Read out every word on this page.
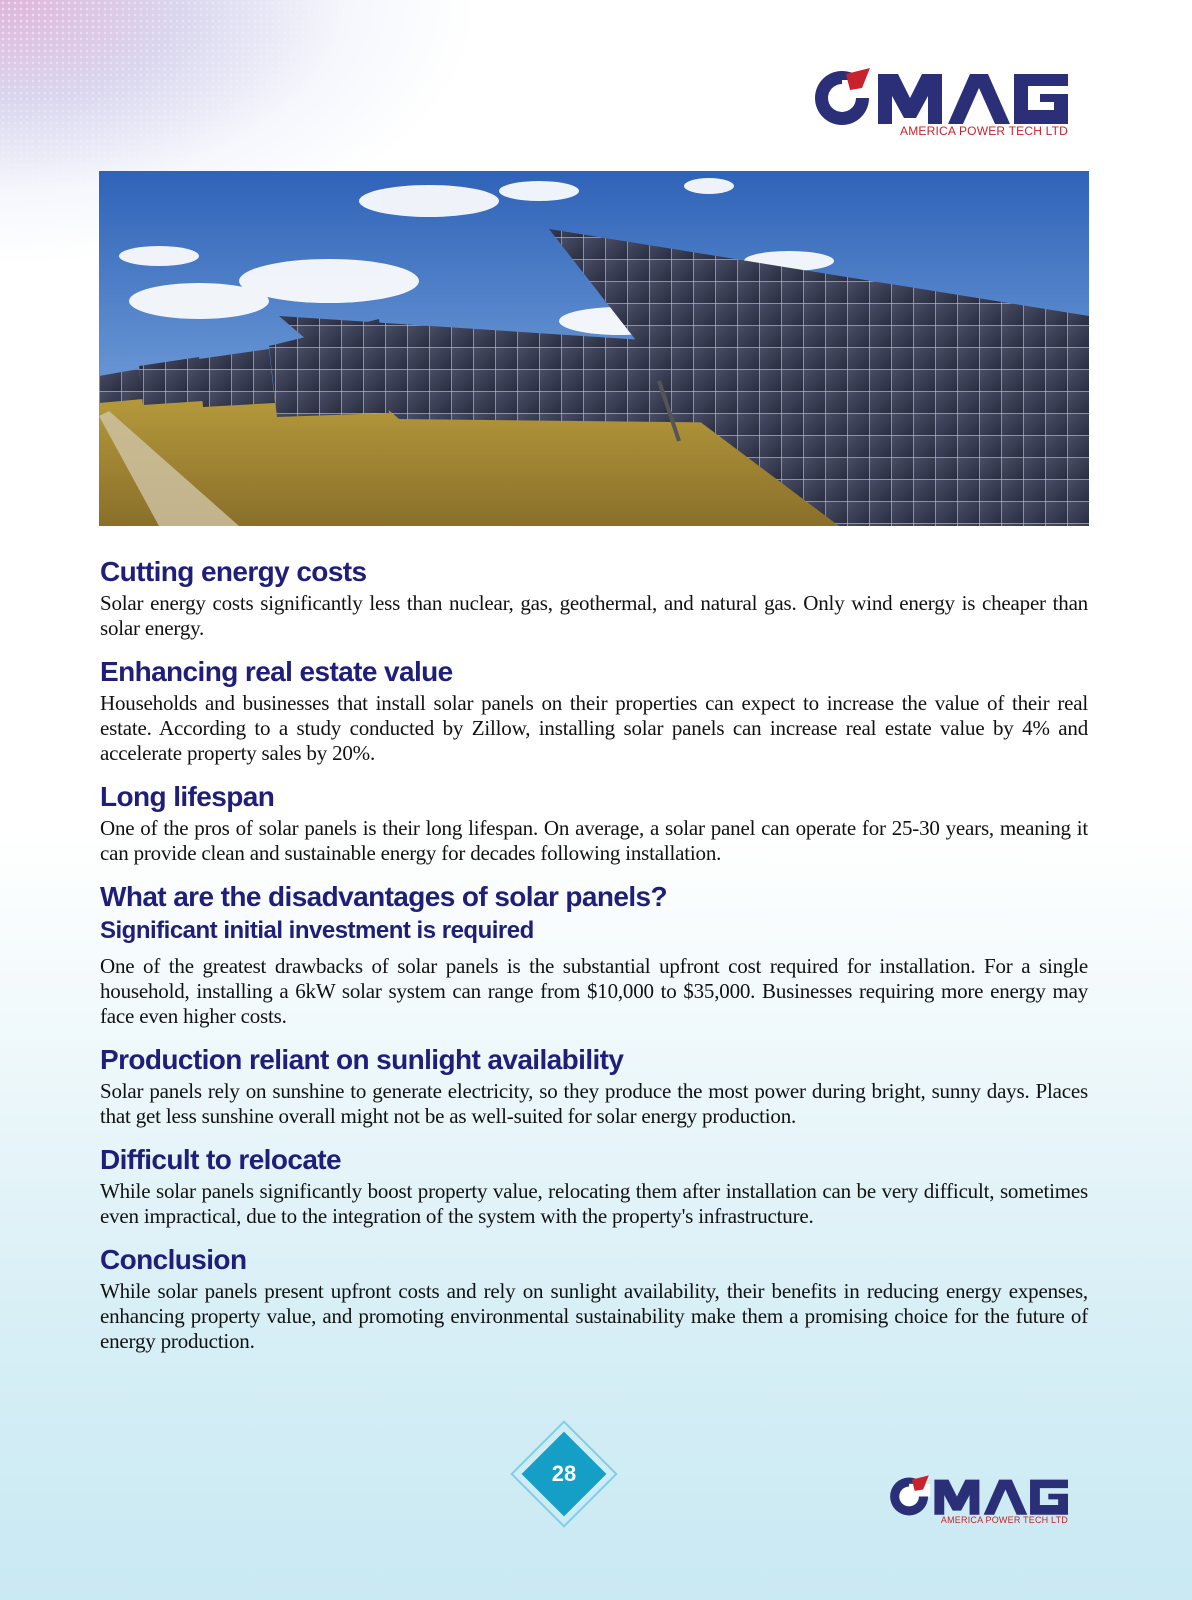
AMERICA POWER TECH LTD
Cutting energy costs

Solar energy costs significantly less than nuclear, gas, geothermal, and natural gas. Only wind energy is cheaper than solar energy.

Enhancing real estate value

Households and businesses that install solar panels on their properties can expect to increase the value of their real estate. According to a study conducted by Zillow, installing solar panels can increase real estate value by 4% and accelerate property sales by 20%.

Long lifespan

One of the pros of solar panels is their long lifespan. On average, a solar panel can operate for 25-30 years, meaning it can provide clean and sustainable energy for decades following installation.

What are the disadvantages of solar panels?
Significant initial investment is required

One of the greatest drawbacks of solar panels is the substantial upfront cost required for installation. For a single household, installing a 6kW solar system can range from $10,000 to $35,000. Businesses requiring more energy may face even higher costs.

Production reliant on sunlight availability

Solar panels rely on sunshine to generate electricity, so they produce the most power during bright, sunny days. Places that get less sunshine overall might not be as well-suited for solar energy production.

Difficult to relocate

While solar panels significantly boost property value, relocating them after installation can be very difficult, sometimes even impractical, due to the integration of the system with the property's infrastructure.

Conclusion

While solar panels present upfront costs and rely on sunlight availability, their benefits in reducing energy expenses, enhancing property value, and promoting environmental sustainability make them a promising choice for the future of energy production.

28
AMERICA POWER TECH LTD
